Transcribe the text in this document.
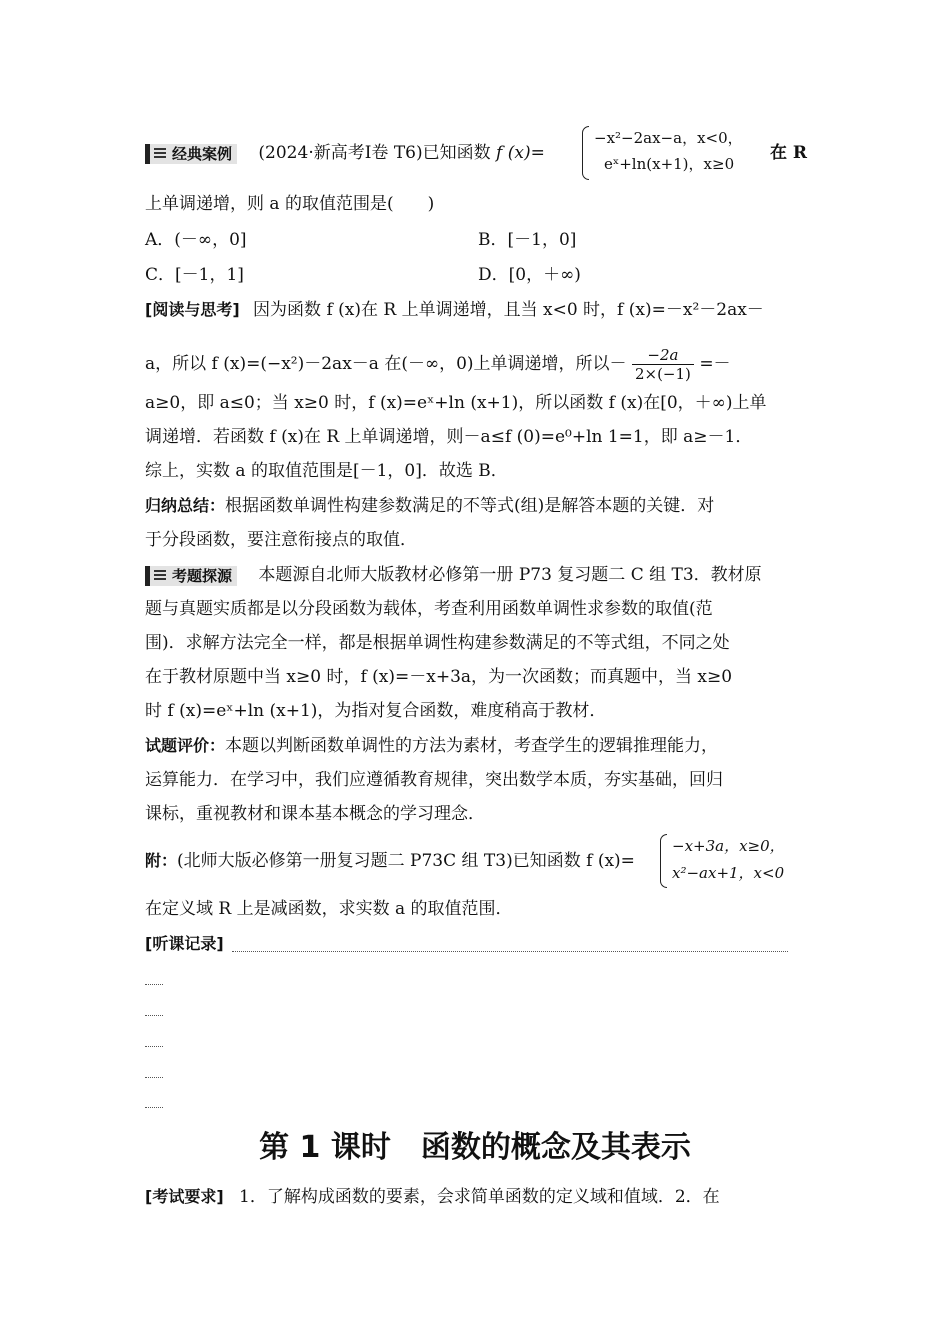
经典案例 (2024·新高考Ⅰ卷 T6)已知函数 f (x)=
−x²−2ax−a，x<0，
eˣ+ln(x+1)，x≥0
在 R
上单调递增，则 a 的取值范围是(　　)
A．(－∞，0]	B．[－1，0]
C．[－1，1]	D．[0，＋∞)
[阅读与思考] 因为函数 f (x)在 R 上单调递增，且当 x<0 时，f (x)=－x²－2ax－
a，所以 f (x)=(−x²)－2ax－a 在(－∞，0)上单调递增，所以－ $\frac{-2a}{2\times(-1)}$ =－
a≥0，即 a≤0；当 x≥0 时，f (x)=eˣ+ln (x+1)，所以函数 f (x)在[0，＋∞)上单
调递增．若函数 f (x)在 R 上单调递增，则－a≤f (0)=e⁰+ln 1=1，即 a≥－1．
综上，实数 a 的取值范围是[－1，0]．故选 B．
归纳总结：根据函数单调性构建参数满足的不等式(组)是解答本题的关键．对
于分段函数，要注意衔接点的取值．
考题探源 本题源自北师大版教材必修第一册 P73 复习题二 C 组 T3．教材原
题与真题实质都是以分段函数为载体，考查利用函数单调性求参数的取值(范
围)．求解方法完全一样，都是根据单调性构建参数满足的不等式组，不同之处
在于教材原题中当 x≥0 时，f (x)=－x+3a，为一次函数；而真题中，当 x≥0
时 f (x)=eˣ+ln (x+1)，为指对复合函数，难度稍高于教材．
试题评价：本题以判断函数单调性的方法为素材，考查学生的逻辑推理能力，
运算能力．在学习中，我们应遵循教育规律，突出数学本质，夯实基础，回归
课标，重视教材和课本基本概念的学习理念．
附：(北师大版必修第一册复习题二 P73C 组 T3)已知函数 f (x)=
−x+3a，x≥0，
x²−ax+1，x<0
在定义域 R 上是减函数，求实数 a 的取值范围．
[听课记录]
第 1 课时　函数的概念及其表示
[考试要求] 1．了解构成函数的要素，会求简单函数的定义域和值域．2．在
